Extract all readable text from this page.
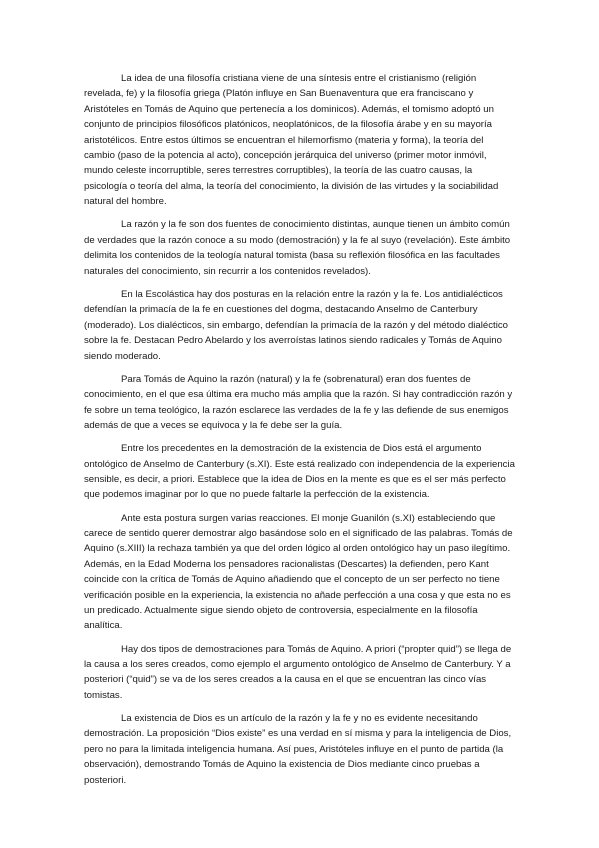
La idea de una filosofía cristiana viene de una síntesis entre el cristianismo (religión revelada, fe) y la filosofía griega (Platón influye en San Buenaventura que era franciscano y Aristóteles en Tomás de Aquino que pertenecía a los dominicos). Además, el tomismo adoptó un conjunto de principios filosóficos platónicos, neoplatónicos, de la filosofía árabe y en su mayoría aristotélicos. Entre estos últimos se encuentran el hilemorfismo (materia y forma), la teoría del cambio (paso de la potencia al acto), concepción jerárquica del universo (primer motor inmóvil, mundo celeste incorruptible, seres terrestres corruptibles), la teoría de las cuatro causas, la psicología o teoría del alma, la teoría del conocimiento, la división de las virtudes y la sociabilidad natural del hombre.

La razón y la fe son dos fuentes de conocimiento distintas, aunque tienen un ámbito común de verdades que la razón conoce a su modo (demostración) y la fe al suyo (revelación). Este ámbito delimita los contenidos de la teología natural tomista (basa su reflexión filosófica en las facultades naturales del conocimiento, sin recurrir a los contenidos revelados).

En la Escolástica hay dos posturas en la relación entre la razón y la fe. Los antidialécticos defendían la primacía de la fe en cuestiones del dogma, destacando Anselmo de Canterbury (moderado). Los dialécticos, sin embargo, defendían la primacía de la razón y del método dialéctico sobre la fe. Destacan Pedro Abelardo y los averroístas latinos siendo radicales y Tomás de Aquino siendo moderado.

Para Tomás de Aquino la razón (natural) y la fe (sobrenatural) eran dos fuentes de conocimiento, en el que esa última era mucho más amplia que la razón. Si hay contradicción razón y fe sobre un tema teológico, la razón esclarece las verdades de la fe y las defiende de sus enemigos además de que a veces se equivoca y la fe debe ser la guía.

Entre los precedentes en la demostración de la existencia de Dios está el argumento ontológico de Anselmo de Canterbury (s.XI). Este está realizado con independencia de la experiencia sensible, es decir, a priori. Establece que la idea de Dios en la mente es que es el ser más perfecto que podemos imaginar por lo que no puede faltarle la perfección de la existencia.

Ante esta postura surgen varias reacciones. El monje Guanilón (s.XI) estableciendo que carece de sentido querer demostrar algo basándose solo en el significado de las palabras. Tomás de Aquino (s.XIII) la rechaza también ya que del orden lógico al orden ontológico hay un paso ilegítimo. Además, en la Edad Moderna los pensadores racionalistas (Descartes) la defienden, pero Kant coincide con la crítica de Tomás de Aquino añadiendo que el concepto de un ser perfecto no tiene verificación posible en la experiencia, la existencia no añade perfección a una cosa y que esta no es un predicado. Actualmente sigue siendo objeto de controversia, especialmente en la filosofía analítica.

Hay dos tipos de demostraciones para Tomás de Aquino. A priori (“propter quid”) se llega de la causa a los seres creados, como ejemplo el argumento ontológico de Anselmo de Canterbury. Y a posteriori (“quid”) se va de los seres creados a la causa en el que se encuentran las cinco vías tomistas.

La existencia de Dios es un artículo de la razón y la fe y no es evidente necesitando demostración. La proposición “Dios existe” es una verdad en sí misma y para la inteligencia de Dios, pero no para la limitada inteligencia humana. Así pues, Aristóteles influye en el punto de partida (la observación), demostrando Tomás de Aquino la existencia de Dios mediante cinco pruebas a posteriori.
